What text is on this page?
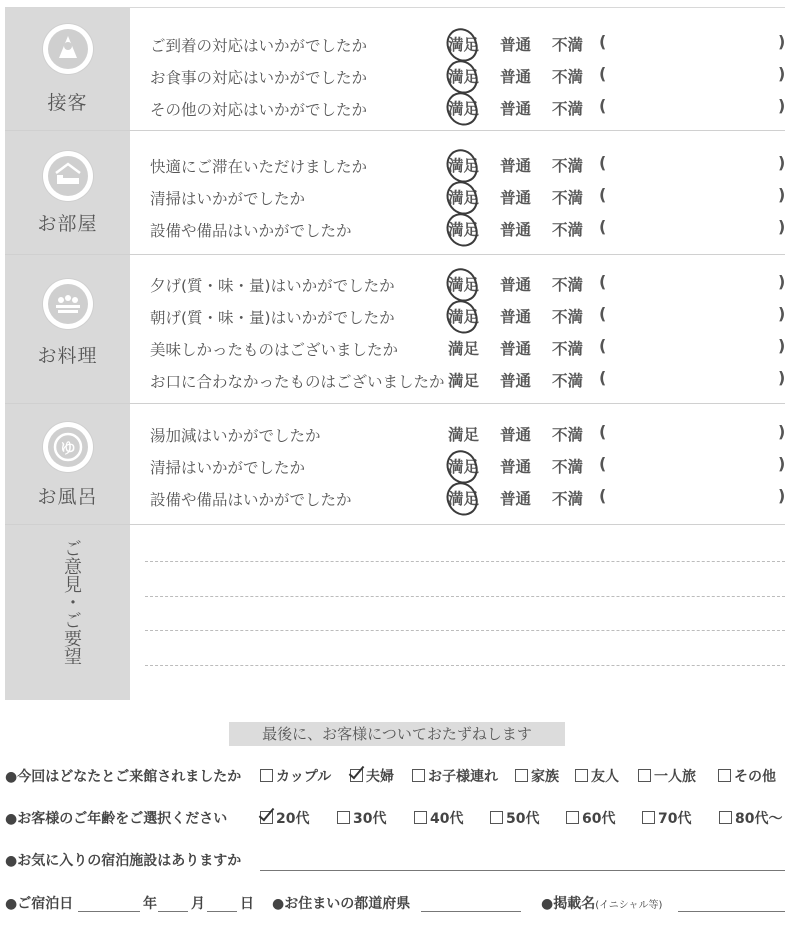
接客
ご到着の対応はいかがでしたか	満足 普通 不満 (	)
お食事の対応はいかがでしたか	満足 普通 不満 (	)
その他の対応はいかがでしたか	満足 普通 不満 (	)
お部屋
快適にご滞在いただけましたか	満足 普通 不満 (	)
清掃はいかがでしたか	満足 普通 不満 (	)
設備や備品はいかがでしたか	満足 普通 不満 (	)
お料理
夕げ(質・味・量)はいかがでしたか	満足 普通 不満 (	)
朝げ(質・味・量)はいかがでしたか	満足 普通 不満 (	)
美味しかったものはございましたか	満足 普通 不満 (	)
お口に合わなかったものはございましたか 満足 普通 不満 (	)
ゆ
お風呂
湯加減はいかがでしたか	満足 普通 不満 (	)
清掃はいかがでしたか	満足 普通 不満 (	)
設備や備品はいかがでしたか	満足 普通 不満 (	)
ご意見・ご要望
最後に、お客様についておたずねします
●今回はどなたとご来館されましたか	カップル	夫婦	お子様連れ	家族	友人	一人旅	その他
●お客様のご年齢をご選択ください	20代	30代	40代	50代	60代	70代	80代〜
●お気に入りの宿泊施設はありますか
●ご宿泊日	年 月	日 ●お住まいの都道府県	●掲載名(イニシャル等)
